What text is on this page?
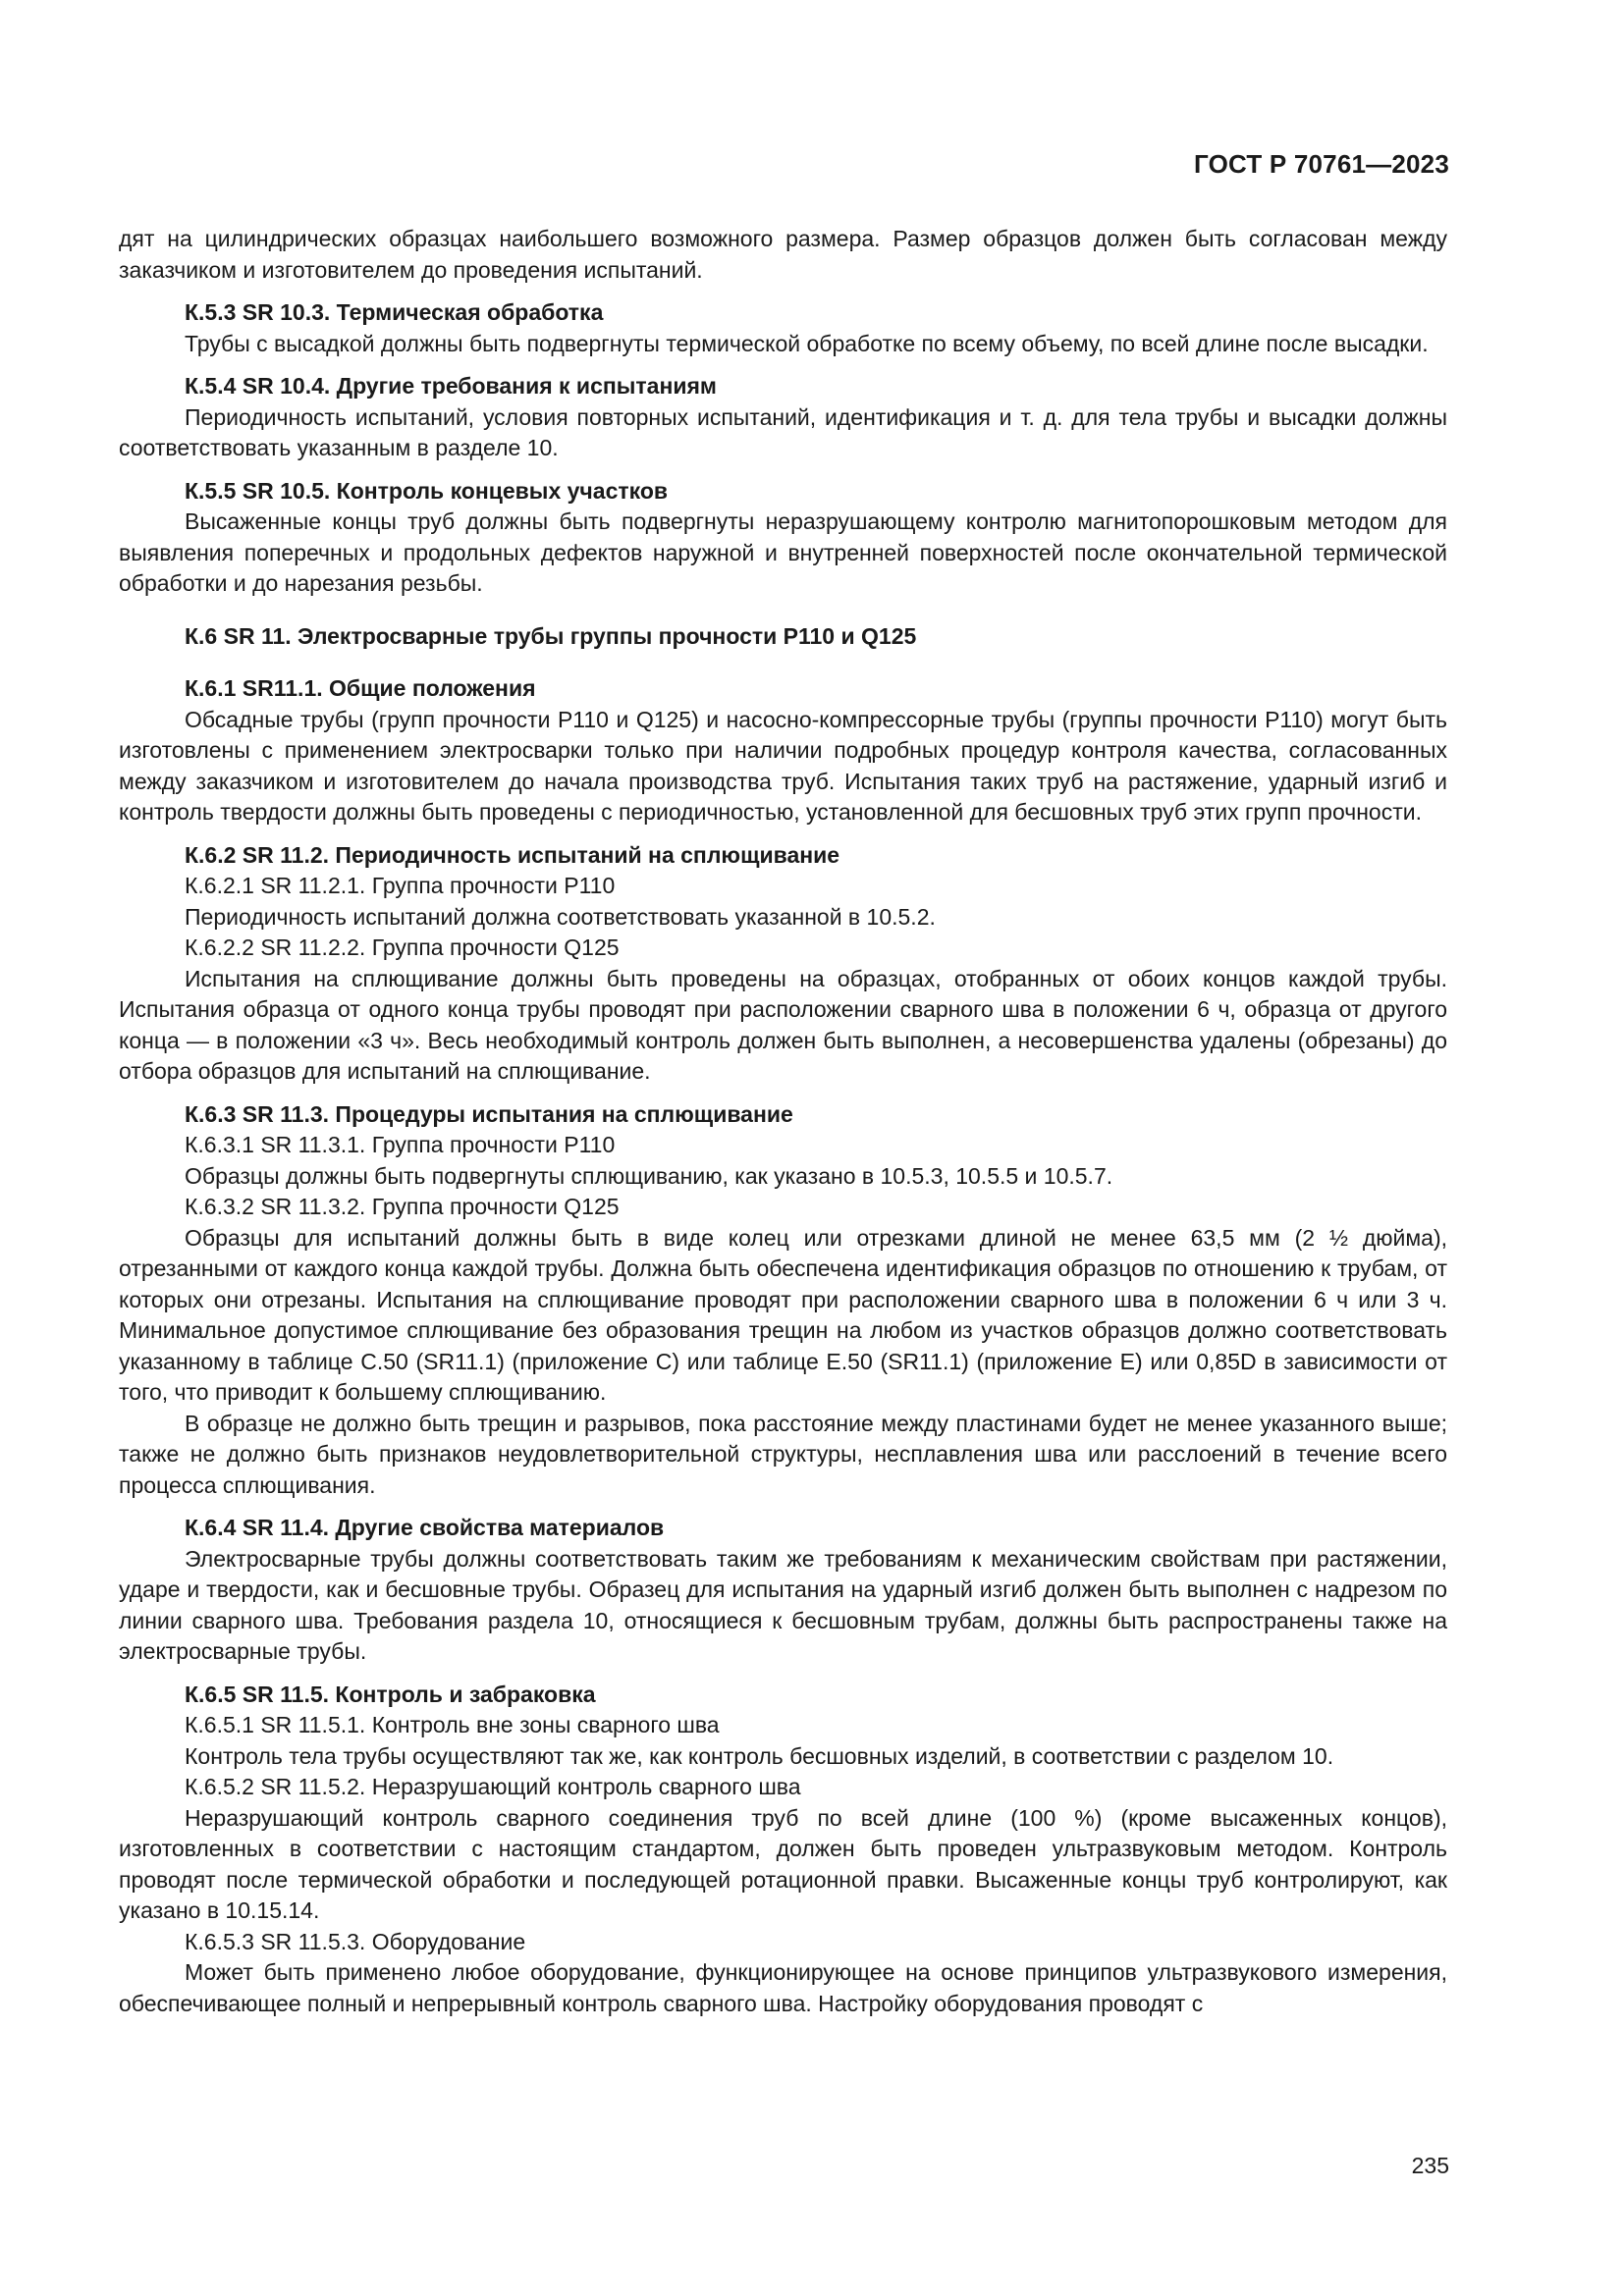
ГОСТ Р 70761—2023

дят на цилиндрических образцах наибольшего возможного размера. Размер образцов должен быть согласован между заказчиком и изготовителем до проведения испытаний.

К.5.3 SR 10.3. Термическая обработка

Трубы с высадкой должны быть подвергнуты термической обработке по всему объему, по всей длине после высадки.

К.5.4 SR 10.4. Другие требования к испытаниям

Периодичность испытаний, условия повторных испытаний, идентификация и т. д. для тела трубы и высадки должны соответствовать указанным в разделе 10.

К.5.5 SR 10.5. Контроль концевых участков

Высаженные концы труб должны быть подвергнуты неразрушающему контролю магнитопорошковым методом для выявления поперечных и продольных дефектов наружной и внутренней поверхностей после окончательной термической обработки и до нарезания резьбы.

К.6 SR 11. Электросварные трубы группы прочности Р110 и Q125

К.6.1 SR11.1. Общие положения

Обсадные трубы (групп прочности Р110 и Q125) и насосно-компрессорные трубы (группы прочности Р110) могут быть изготовлены с применением электросварки только при наличии подробных процедур контроля качества, согласованных между заказчиком и изготовителем до начала производства труб. Испытания таких труб на растяжение, ударный изгиб и контроль твердости должны быть проведены с периодичностью, установленной для бесшовных труб этих групп прочности.

К.6.2 SR 11.2. Периодичность испытаний на сплющивание

К.6.2.1 SR 11.2.1. Группа прочности Р110

Периодичность испытаний должна соответствовать указанной в 10.5.2.

К.6.2.2 SR 11.2.2. Группа прочности Q125

Испытания на сплющивание должны быть проведены на образцах, отобранных от обоих концов каждой трубы. Испытания образца от одного конца трубы проводят при расположении сварного шва в положении 6 ч, образца от другого конца — в положении «3 ч». Весь необходимый контроль должен быть выполнен, а несовершенства удалены (обрезаны) до отбора образцов для испытаний на сплющивание.

К.6.3 SR 11.3. Процедуры испытания на сплющивание

К.6.3.1 SR 11.3.1. Группа прочности Р110

Образцы должны быть подвергнуты сплющиванию, как указано в 10.5.3, 10.5.5 и 10.5.7.

К.6.3.2 SR 11.3.2. Группа прочности Q125

Образцы для испытаний должны быть в виде колец или отрезками длиной не менее 63,5 мм (2 ½ дюйма), отрезанными от каждого конца каждой трубы. Должна быть обеспечена идентификация образцов по отношению к трубам, от которых они отрезаны. Испытания на сплющивание проводят при расположении сварного шва в положении 6 ч или 3 ч. Минимальное допустимое сплющивание без образования трещин на любом из участков образцов должно соответствовать указанному в таблице С.50 (SR11.1) (приложение С) или таблице Е.50 (SR11.1) (приложение Е) или 0,85D в зависимости от того, что приводит к большему сплющиванию.

В образце не должно быть трещин и разрывов, пока расстояние между пластинами будет не менее указанного выше; также не должно быть признаков неудовлетворительной структуры, несплавления шва или расслоений в течение всего процесса сплющивания.

К.6.4 SR 11.4. Другие свойства материалов

Электросварные трубы должны соответствовать таким же требованиям к механическим свойствам при растяжении, ударе и твердости, как и бесшовные трубы. Образец для испытания на ударный изгиб должен быть выполнен с надрезом по линии сварного шва. Требования раздела 10, относящиеся к бесшовным трубам, должны быть распространены также на электросварные трубы.

К.6.5 SR 11.5. Контроль и забраковка

К.6.5.1 SR 11.5.1. Контроль вне зоны сварного шва

Контроль тела трубы осуществляют так же, как контроль бесшовных изделий, в соответствии с разделом 10.

К.6.5.2 SR 11.5.2. Неразрушающий контроль сварного шва

Неразрушающий контроль сварного соединения труб по всей длине (100 %) (кроме высаженных концов), изготовленных в соответствии с настоящим стандартом, должен быть проведен ультразвуковым методом. Контроль проводят после термической обработки и последующей ротационной правки. Высаженные концы труб контролируют, как указано в 10.15.14.

К.6.5.3 SR 11.5.3. Оборудование

Может быть применено любое оборудование, функционирующее на основе принципов ультразвукового измерения, обеспечивающее полный и непрерывный контроль сварного шва. Настройку оборудования проводят с

235
